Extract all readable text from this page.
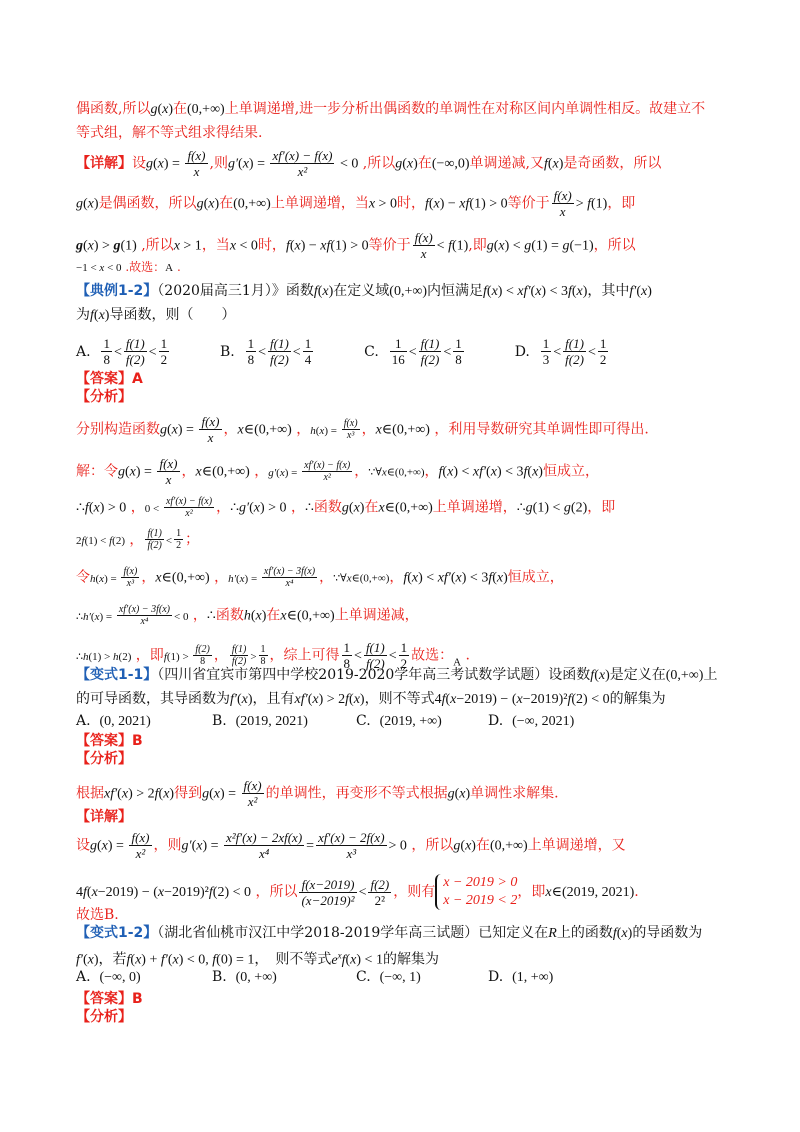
偶函数,所以g(x)在(0,+∞)上单调递增,进一步分析出偶函数的单调性在对称区间内单调性相反。故建立不
等式组，解不等式组求得结果.
【详解】设$g(x) = \frac{f(x)}{x}$ ,则$g'(x) = \frac{xf'(x) - f(x)}{\text{x²}} < 0$ ,所以g(x)在(−∞,0)单调递减,又f(x)是奇函数，所以
g(x)是偶函数，所以g(x)在(0,+∞)上单调递增，当x > 0时，f(x) − xf(1) > 0等价于 $\frac{f(x)}{x} > f(1)$，即
g(x) > g(1) ,所以x > 1，当x < 0时，f(x) − xf(1) > 0等价于 $\frac{f(x)}{x} < f(1)$,即g(x) < g(1) = g(−1)，所以
−1 < x < 0 .故选：A .
【典例1-2】（2020届高三1月）》函数f(x)在定义域(0,+∞)内恒满足f(x) < xf′(x) < 3f(x)，其中f′(x)
为f(x)导函数，则（　　）
A. $\frac{1}{8} < \frac{f(1)}{f(2)} < \frac{1}{2}$	B. $\frac{1}{8} < \frac{f(1)}{f(2)} < \frac{1}{4}$	C. $\frac{1}{16} < \frac{f(1)}{f(2)} < \frac{1}{8}$	D. $\frac{1}{3} < \frac{f(1)}{f(2)} < \frac{1}{2}$
【答案】A
【分析】
分别构造函数$g(x) = \frac{f(x)}{x}$ ，x∈(0,+∞) ，$h(x) = \frac{f(x)}{\text{x³}}$ ，x∈(0,+∞) ，利用导数研究其单调性即可得出.
解：令$g(x) = \frac{f(x)}{x}$ ，x∈(0,+∞) ，$g'(x) = \frac{xf'(x) - f(x)}{\text{x²}}$ ，∵∀x∈(0,+∞)，f(x) < xf′(x) < 3f(x)恒成立，
∴f(x) > 0 ，$0 < \frac{xf'(x) - f(x)}{\text{x²}}$ ，∴g′(x) > 0 ，∴函数g(x)在x∈(0,+∞)上单调递增，∴g(1) < g(2)，即
2f(1) < f(2) ， $\frac{f(1)}{f(2)} < \frac{1}{2}$ ；
令$h(x) = \frac{f(x)}{\text{x³}}$ ，x∈(0,+∞) ，$h'(x) = \frac{xf'(x) - 3f(x)}{\text{x⁴}}$ ，∵∀x∈(0,+∞)，f(x) < xf′(x) < 3f(x)恒成立，
∴h′(x) = $\frac{xf'(x) - 3f(x)}{\text{x⁴}} < 0$ ，∴函数h(x)在x∈(0,+∞)上单调递减，
∴h(1) > h(2) ，即$f(1) > \frac{f(2)}{8}$ ， $\frac{f(1)}{f(2)} > \frac{1}{8}$ ，综上可得 $\frac{1}{8} < \frac{f(1)}{f(2)} < \frac{1}{2}$ 故选：$_A$ .
【变式1-1】（四川省宜宾市第四中学校2019-2020学年高三考试数学试题）设函数f(x)是定义在(0,+∞)上
的可导函数，其导函数为f′(x)，且有xf′(x) > 2f(x)，则不等式4f(x−2019) − (x−2019)²f(2) < 0的解集为
A.  (0, 2021)	B.  (2019, 2021)	C.  (2019, +∞)	D.  (−∞, 2021)
【答案】B
【分析】
根据xf′(x) > 2f(x)得到$g(x) = \frac{f(x)}{\text{x²}}$ 的单调性，再变形不等式根据g(x)单调性求解集.
【详解】
设$g(x) = \frac{f(x)}{\text{x²}}$ ，则$g'(x) = \frac{\text{x²f′(x) − 2xf(x)}}{\text{x⁴}} = \frac{xf'(x) - 2f(x)}{\text{x³}} > 0$ ，所以g(x)在(0,+∞)上单调递增，又
4f(x−2019) − (x−2019)²f(2) < 0 ，所以 $\frac{f(x-2019)}{\text{(x−2019)²}} < \frac{f(2)}{\text{2²}}$ ，则有
x − 2019 > 0
x − 2019 < 2
，即x∈(2019, 2021).
故选B.
【变式1-2】（湖北省仙桃市汉江中学2018-2019学年高三试题）已知定义在R上的函数f(x)的导函数为
f′(x)，若f(x) + f′(x) < 0, f(0) = 1，　则不等式$e^xf(x) < 1$的解集为
A.  (−∞, 0)	B.  (0, +∞)	C.  (−∞, 1)	D.  (1, +∞)
【答案】B
【分析】
